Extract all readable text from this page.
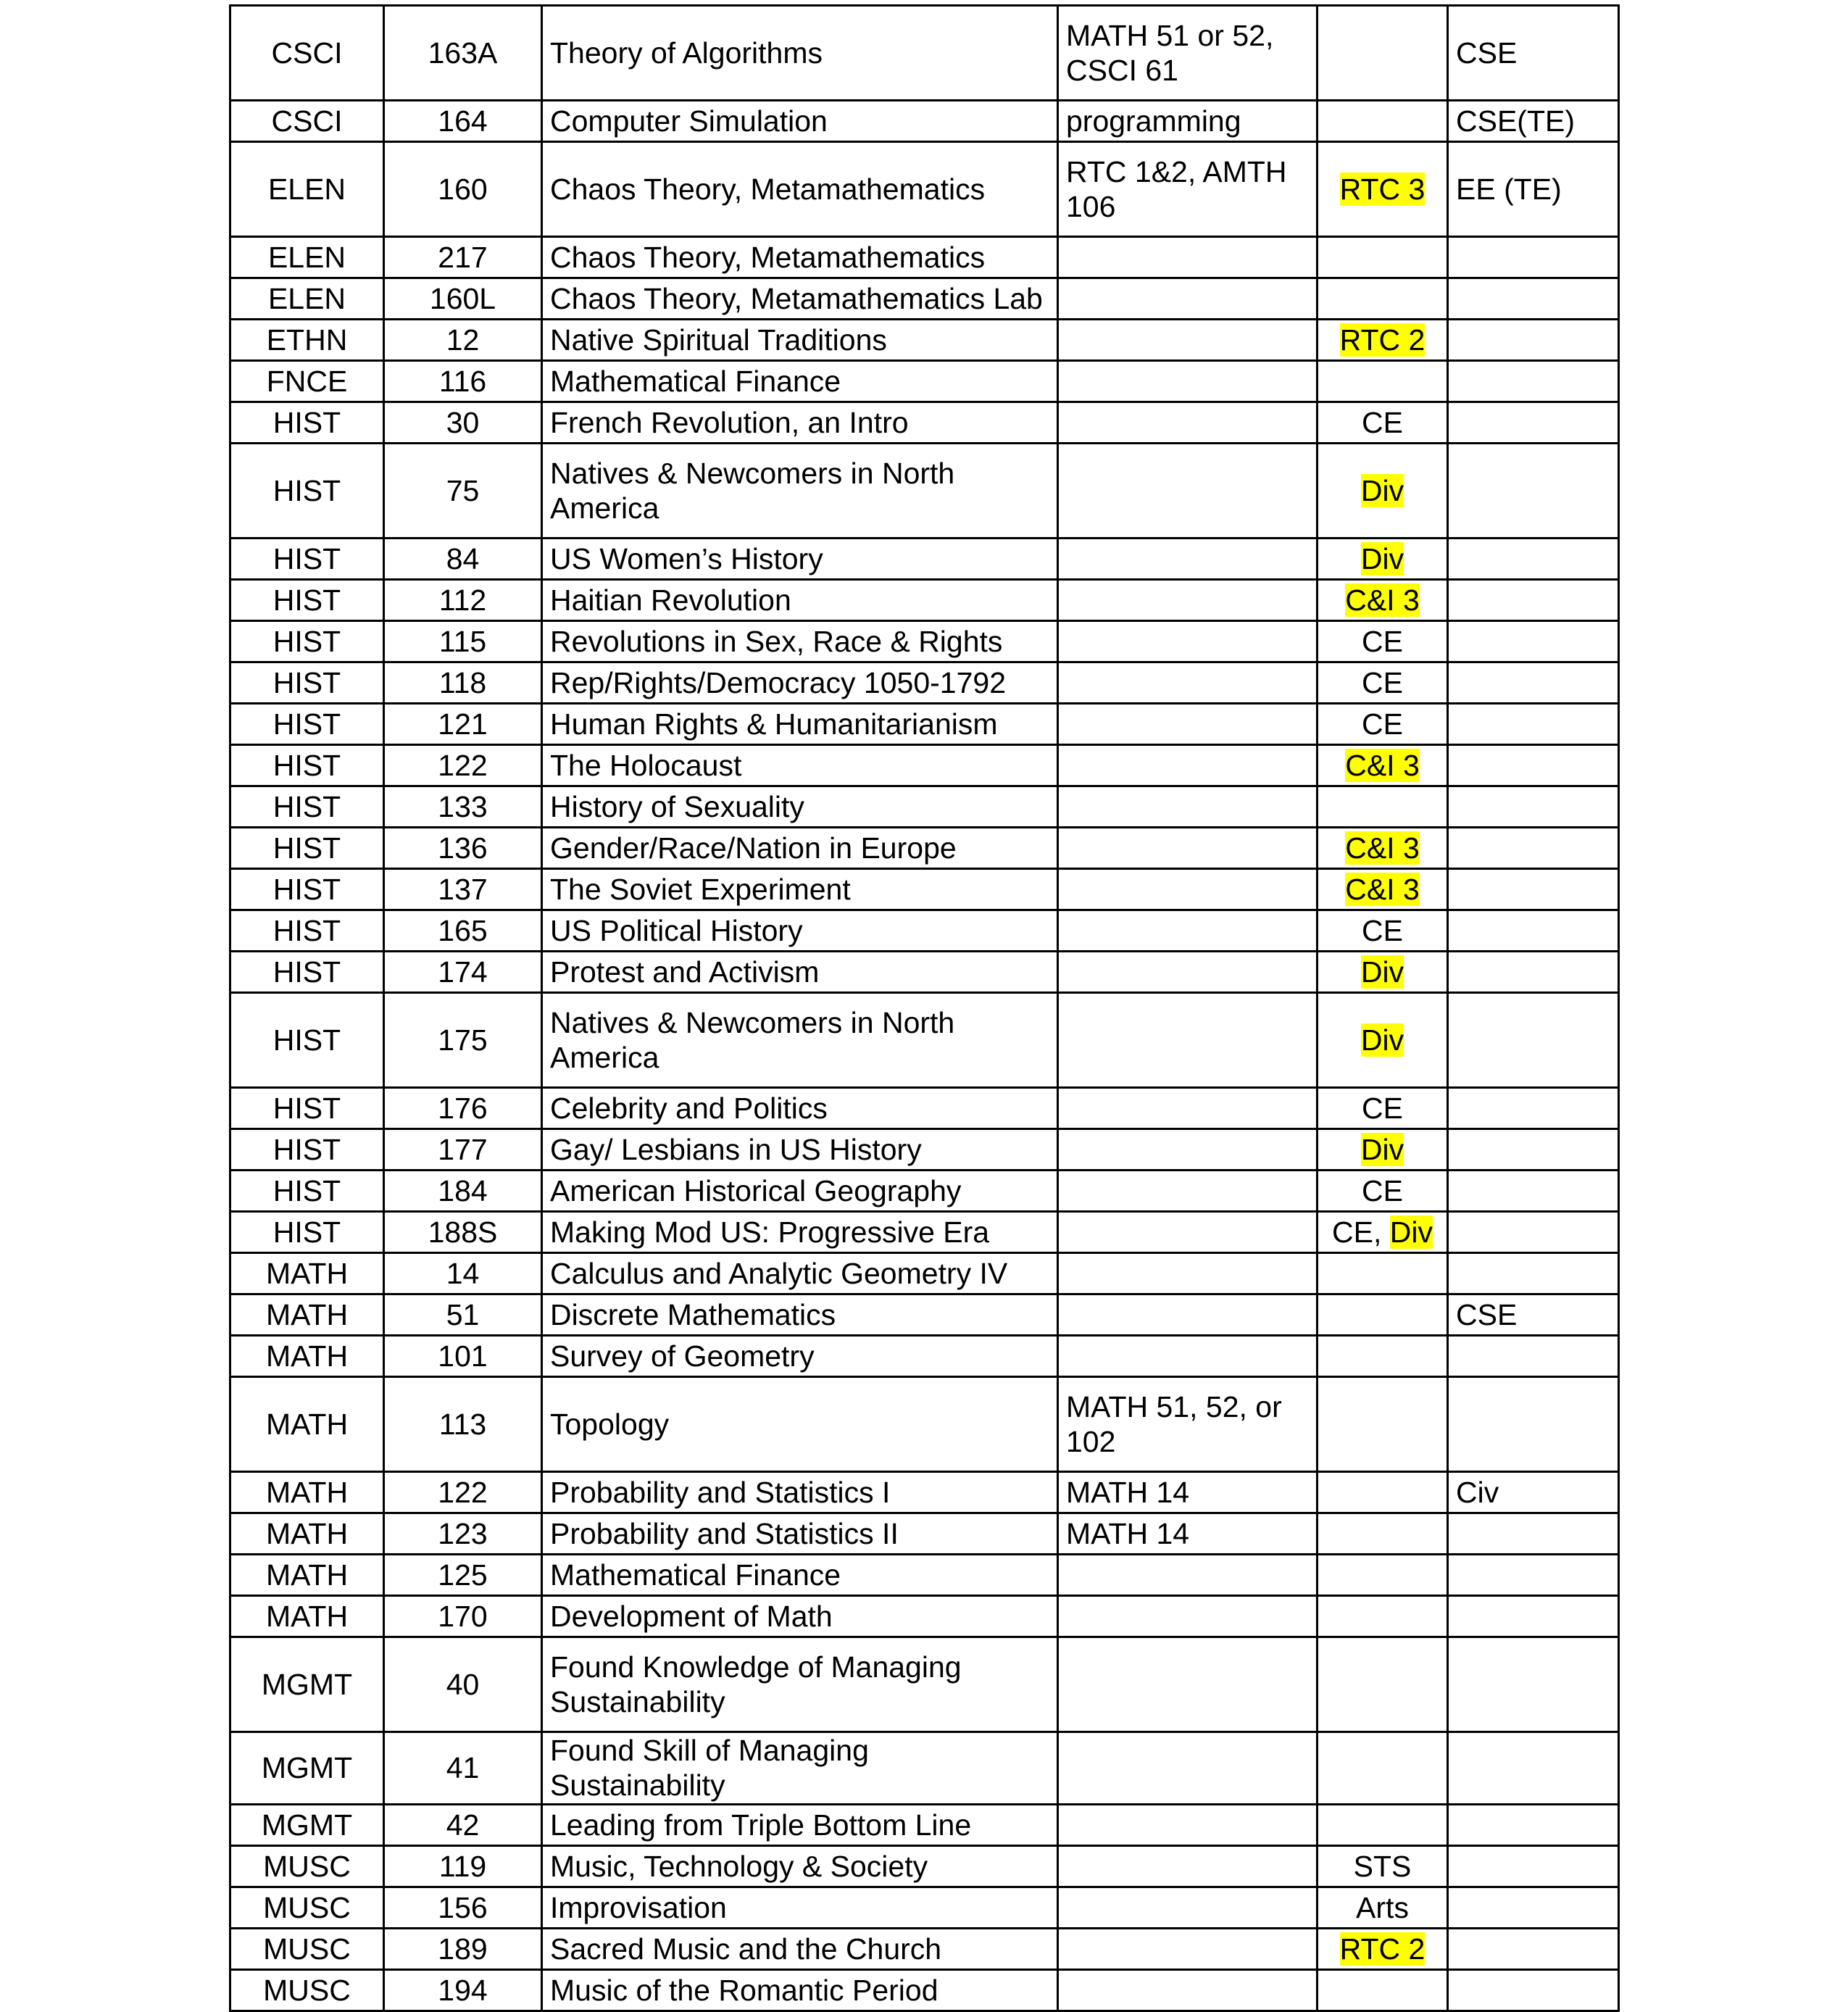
CSCI	163A	Theory of Algorithms	MATH 51 or 52, CSCI 61		CSE
CSCI	164	Computer Simulation	programming		CSE(TE)
ELEN	160	Chaos Theory, Metamathematics	RTC 1&2, AMTH 106	RTC 3	EE (TE)
ELEN	217	Chaos Theory, Metamathematics			
ELEN	160L	Chaos Theory, Metamathematics Lab			
ETHN	12	Native Spiritual Traditions		RTC 2	
FNCE	116	Mathematical Finance			
HIST	30	French Revolution, an Intro		CE	
HIST	75	Natives & Newcomers in North America		Div	
HIST	84	US Women’s History		Div	
HIST	112	Haitian Revolution		C&I 3	
HIST	115	Revolutions in Sex, Race & Rights		CE	
HIST	118	Rep/Rights/Democracy 1050-1792		CE	
HIST	121	Human Rights & Humanitarianism		CE	
HIST	122	The Holocaust		C&I 3	
HIST	133	History of Sexuality			
HIST	136	Gender/Race/Nation in Europe		C&I 3	
HIST	137	The Soviet Experiment		C&I 3	
HIST	165	US Political History		CE	
HIST	174	Protest and Activism		Div	
HIST	175	Natives & Newcomers in North America		Div	
HIST	176	Celebrity and Politics		CE	
HIST	177	Gay/ Lesbians in US History		Div	
HIST	184	American Historical Geography		CE	
HIST	188S	Making Mod US: Progressive Era		CE, Div	
MATH	14	Calculus and Analytic Geometry IV			
MATH	51	Discrete Mathematics			CSE
MATH	101	Survey of Geometry			
MATH	113	Topology	MATH 51, 52, or 102		
MATH	122	Probability and Statistics I	MATH 14		Civ
MATH	123	Probability and Statistics II	MATH 14		
MATH	125	Mathematical Finance			
MATH	170	Development of Math			
MGMT	40	Found Knowledge of Managing Sustainability			
MGMT	41	Found Skill of Managing Sustainability			
MGMT	42	Leading from Triple Bottom Line			
MUSC	119	Music, Technology & Society		STS	
MUSC	156	Improvisation		Arts	
MUSC	189	Sacred Music and the Church		RTC 2	
MUSC	194	Music of the Romantic Period			
